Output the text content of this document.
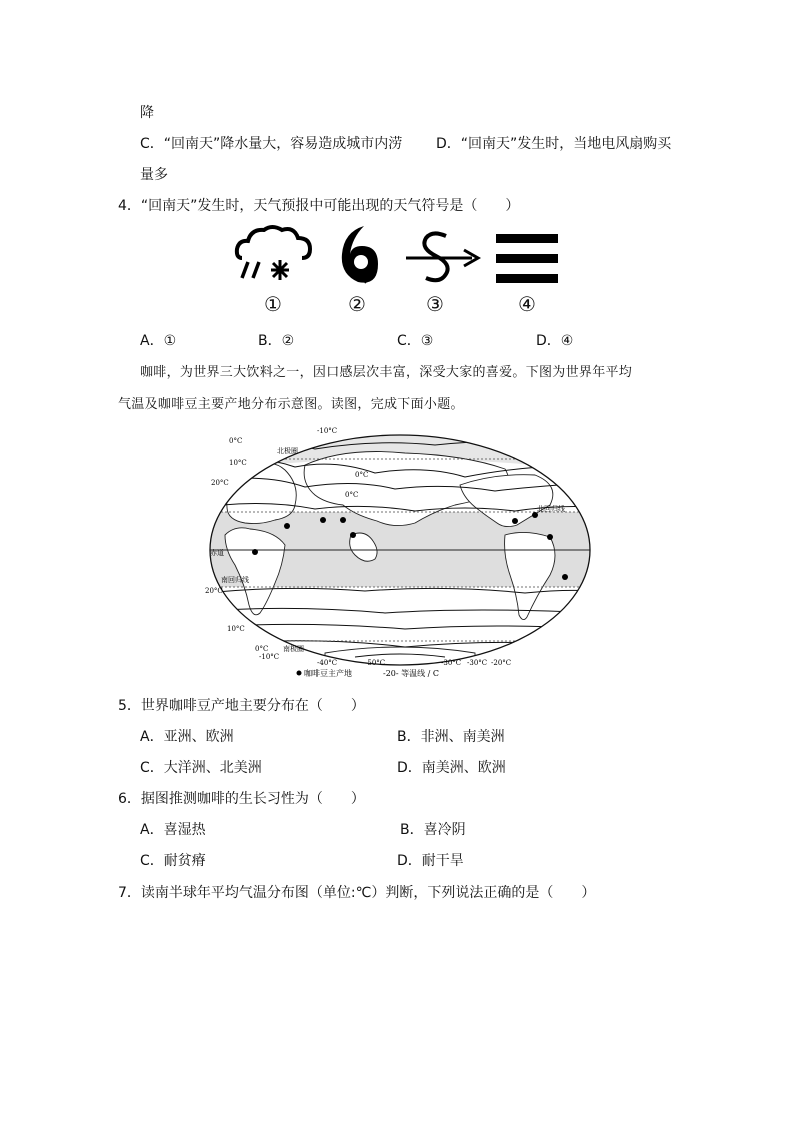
降
C．“回南天”降水量大，容易造成城市内涝 D．“回南天”发生时，当地电风扇购买
量多
4．“回南天”发生时，天气预报中可能出现的天气符号是（　　）
①	②	③	④
A．①	B．②	C．③	D．④
咖啡，为世界三大饮料之一，因口感层次丰富，深受大家的喜爱。下图为世界年平均
气温及咖啡豆主要产地分布示意图。读图，完成下面小题。
北极圈
北回归线
赤道
南回归线
南极圈
-10°C
0°C
10°C
20°C
0°C
0°C
20°C
10°C
0°C
-10°C
-40°C	-50°C	-30°C -30°C -20°C
咖啡豆主产地	-20- 等温线 / C
5．世界咖啡豆产地主要分布在（　　）
A．亚洲、欧洲	B．非洲、南美洲
C．大洋洲、北美洲	D．南美洲、欧洲
6．据图推测咖啡的生长习性为（　　）
A．喜湿热	B．喜冷阴
C．耐贫瘠	D．耐干旱
7．读南半球年平均气温分布图（单位:℃）判断，下列说法正确的是（　　）
